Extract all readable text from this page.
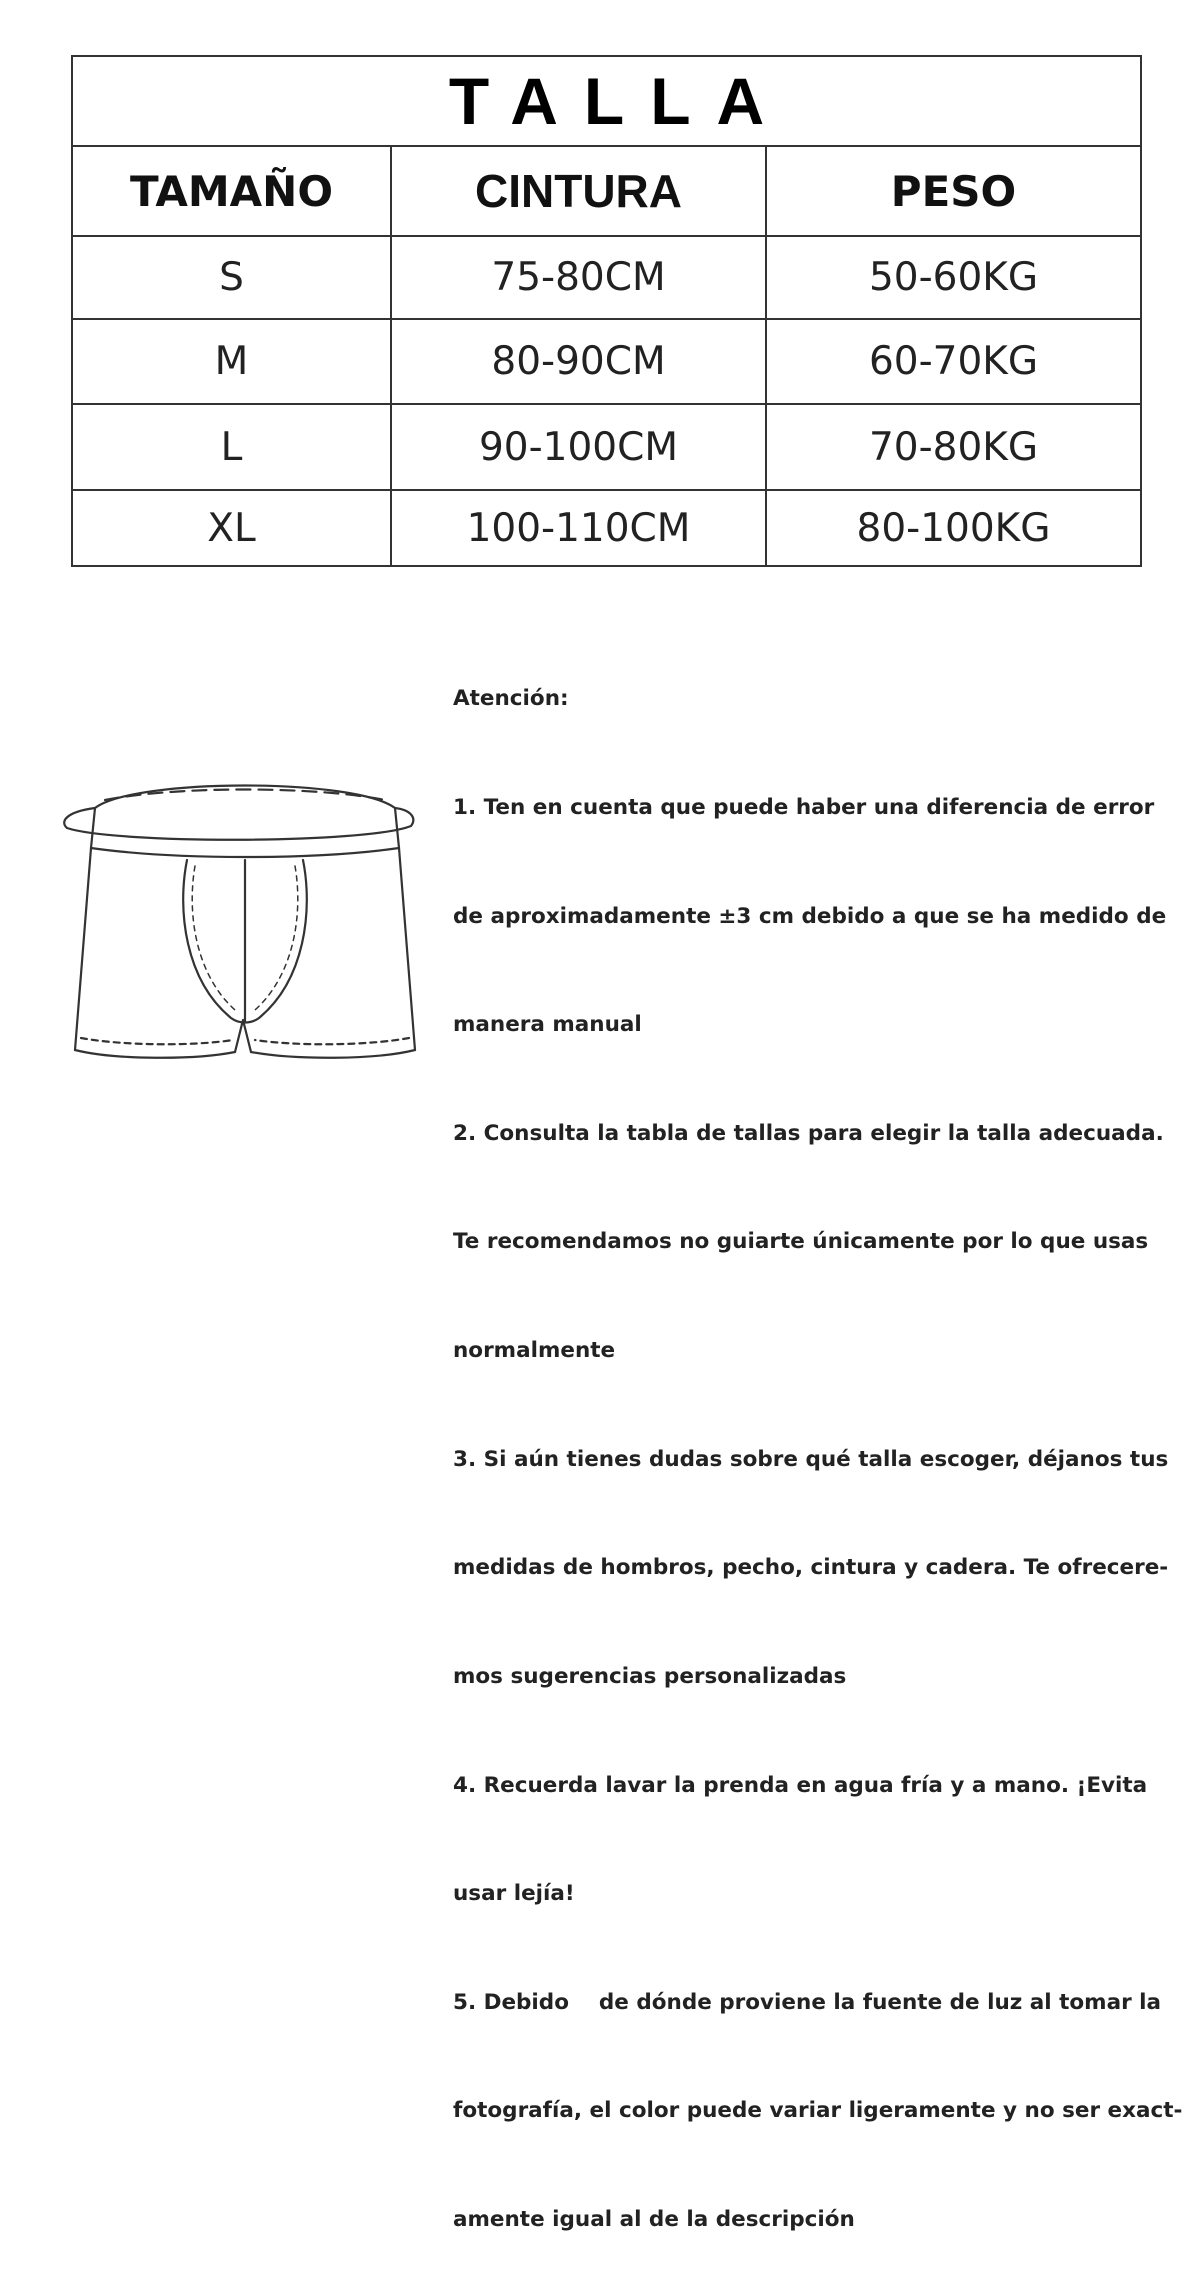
TALLA		
TAMAÑO	CINTURA	PESO
S	75-80CM	50-60KG
M	80-90CM	60-70KG
L	90-100CM	70-80KG
XL	100-110CM	80-100KG

Atención:

1. Ten en cuenta que puede haber una diferencia de error

de aproximadamente ±3 cm debido a que se ha medido de

manera manual

2. Consulta la tabla de tallas para elegir la talla adecuada.

Te recomendamos no guiarte únicamente por lo que usas

normalmente

3. Si aún tienes dudas sobre qué talla escoger, déjanos tus

medidas de hombros, pecho, cintura y cadera. Te ofrecere-

mos sugerencias personalizadas

4. Recuerda lavar la prenda en agua fría y a mano. ¡Evita

usar lejía!

5. Debido    de dónde proviene la fuente de luz al tomar la

fotografía, el color puede variar ligeramente y no ser exact-

amente igual al de la descripción
